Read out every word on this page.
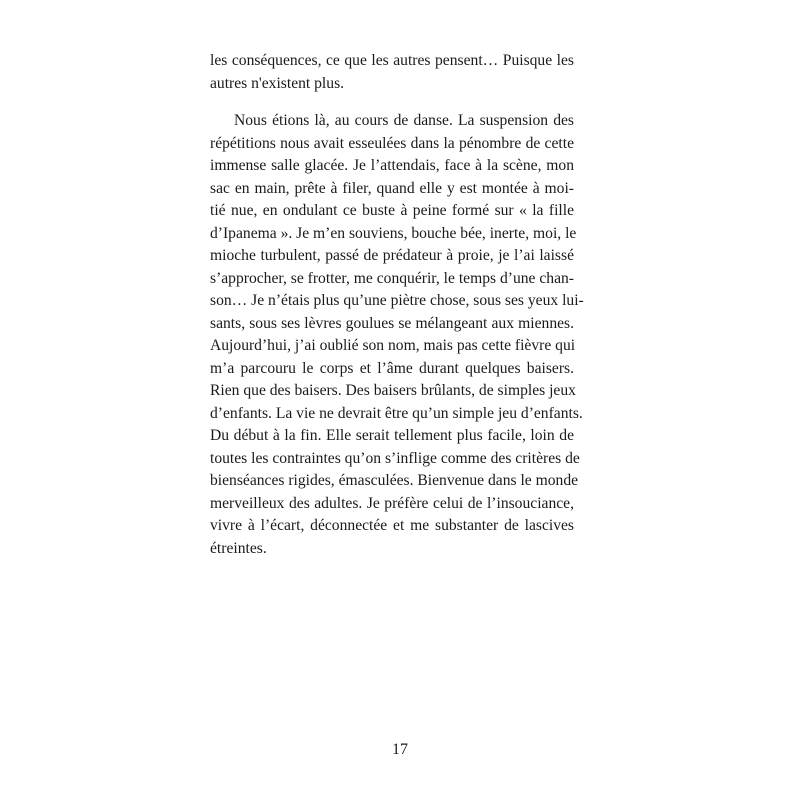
les conséquences, ce que les autres pensent… Puisque les
autres n'existent plus.
Nous étions là, au cours de danse. La suspension des
répétitions nous avait esseulées dans la pénombre de cette
immense salle glacée. Je l’attendais, face à la scène, mon
sac en main, prête à filer, quand elle y est montée à moi-
tié nue, en ondulant ce buste à peine formé sur « la fille
d’Ipanema ». Je m’en souviens, bouche bée, inerte, moi, le
mioche turbulent, passé de prédateur à proie, je l’ai laissé
s’approcher, se frotter, me conquérir, le temps d’une chan-
son… Je n’étais plus qu’une piètre chose, sous ses yeux lui-
sants, sous ses lèvres goulues se mélangeant aux miennes.
Aujourd’hui, j’ai oublié son nom, mais pas cette fièvre qui
m’a parcouru le corps et l’âme durant quelques baisers.
Rien que des baisers. Des baisers brûlants, de simples jeux
d’enfants. La vie ne devrait être qu’un simple jeu d’enfants.
Du début à la fin. Elle serait tellement plus facile, loin de
toutes les contraintes qu’on s’inflige comme des critères de
bienséances rigides, émasculées. Bienvenue dans le monde
merveilleux des adultes. Je préfère celui de l’insouciance,
vivre à l’écart, déconnectée et me substanter de lascives
étreintes.
17
